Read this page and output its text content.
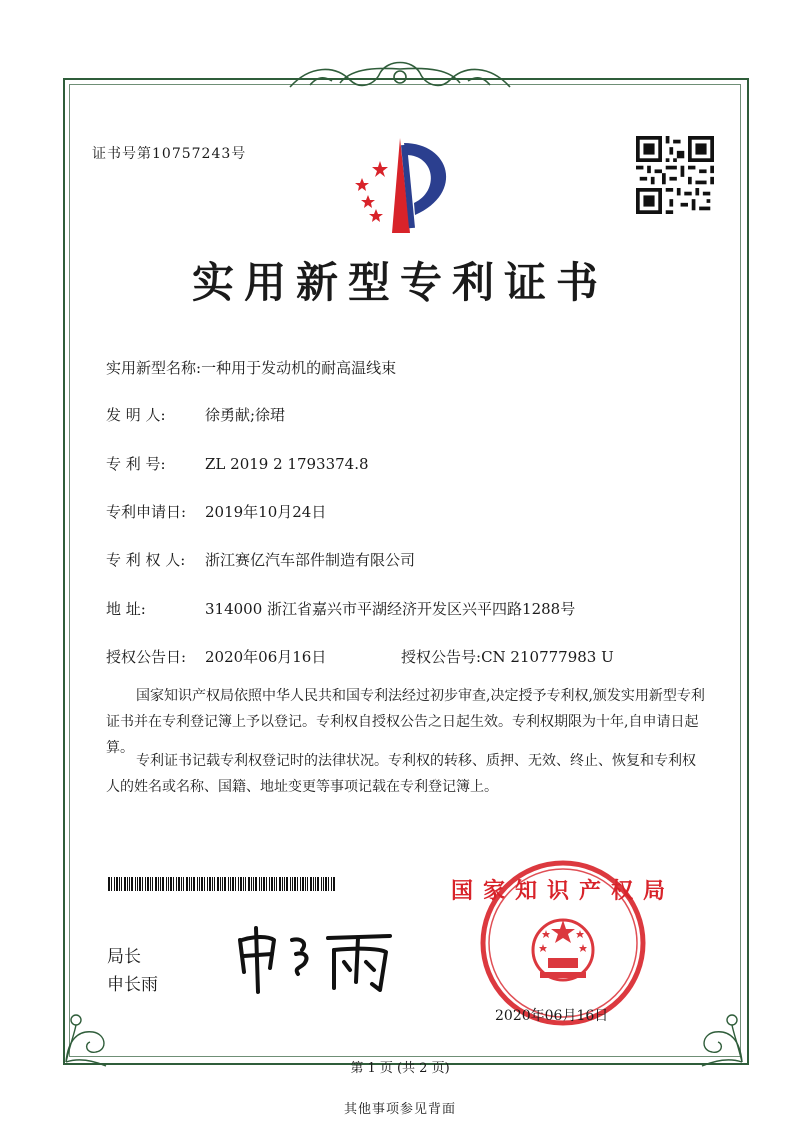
证书号第10757243号
实用新型专利证书
实用新型名称:一种用于发动机的耐高温线束
发 明 人:	徐勇献;徐珺
专 利 号:	ZL 2019 2 1793374.8
专利申请日: 2019年10月24日
专 利 权 人: 浙江赛亿汽车部件制造有限公司
地 址:	314000 浙江省嘉兴市平湖经济开发区兴平四路1288号
授权公告日: 2020年06月16日	授权公告号:CN 210777983 U
国家知识产权局依照中华人民共和国专利法经过初步审查,决定授予专利权,颁发实用新型专利证书并在专利登记簿上予以登记。专利权自授权公告之日起生效。专利权期限为十年,自申请日起算。
专利证书记载专利权登记时的法律状况。专利权的转移、质押、无效、终止、恢复和专利权人的姓名或名称、国籍、地址变更等事项记载在专利登记簿上。
局长
申长雨
国家知识产权局
2020年06月16日
第 1 页 (共 2 页)
其他事项参见背面
